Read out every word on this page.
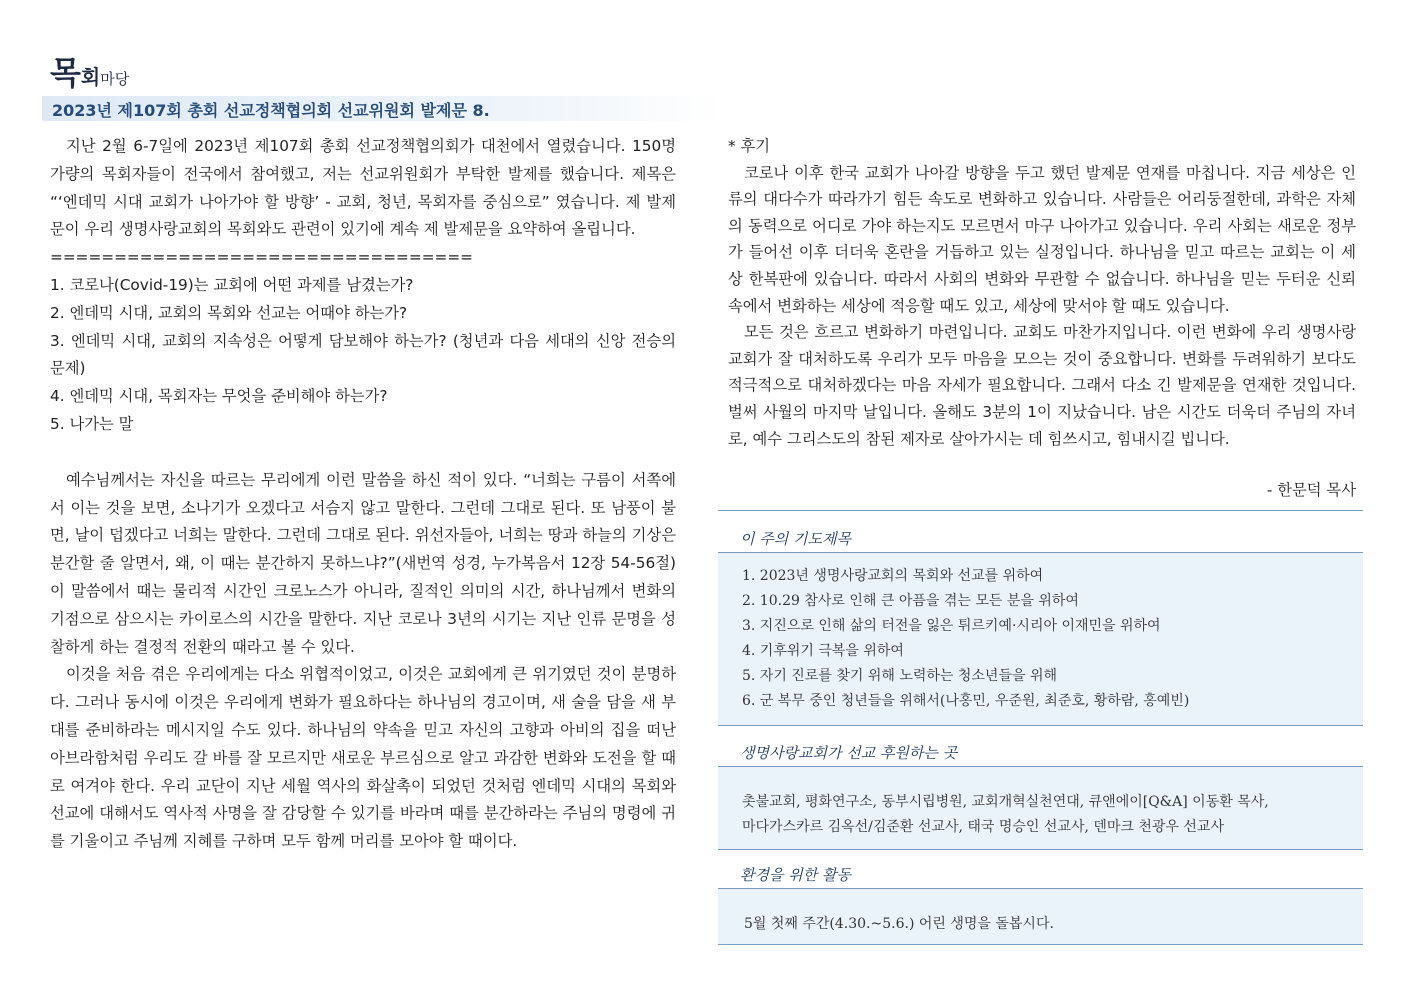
목회마당
2023년 제107회 총회 선교정책협의회 선교위원회 발제문 8.

지난 2월 6-7일에 2023년 제107회 총회 선교정책협의회가 대천에서 열렸습니다. 150명 가량의 목회자들이 전국에서 참여했고, 저는 선교위원회가 부탁한 발제를 했습니다. 제목은 “‘엔데믹 시대 교회가 나아가야 할 방향’ - 교회, 청년, 목회자를 중심으로” 였습니다. 제 발제문이 우리 생명사랑교회의 목회와도 관련이 있기에 계속 제 발제문을 요약하여 올립니다.

=================================

1. 코로나(Covid-19)는 교회에 어떤 과제를 남겼는가?

2. 엔데믹 시대, 교회의 목회와 선교는 어때야 하는가?

3. 엔데믹 시대, 교회의 지속성은 어떻게 담보해야 하는가? (청년과 다음 세대의 신앙 전승의 문제)

4. 엔데믹 시대, 목회자는 무엇을 준비해야 하는가?

5. 나가는 말

예수님께서는 자신을 따르는 무리에게 이런 말씀을 하신 적이 있다. “너희는 구름이 서쪽에서 이는 것을 보면, 소나기가 오겠다고 서슴지 않고 말한다. 그런데 그대로 된다. 또 남풍이 불면, 날이 덥겠다고 너희는 말한다. 그런데 그대로 된다. 위선자들아, 너희는 땅과 하늘의 기상은 분간할 줄 알면서, 왜, 이 때는 분간하지 못하느냐?”(새번역 성경, 누가복음서 12장 54-56절) 이 말씀에서 때는 물리적 시간인 크로노스가 아니라, 질적인 의미의 시간, 하나님께서 변화의 기점으로 삼으시는 카이로스의 시간을 말한다. 지난 코로나 3년의 시기는 지난 인류 문명을 성찰하게 하는 결정적 전환의 때라고 볼 수 있다.

이것을 처음 겪은 우리에게는 다소 위협적이었고, 이것은 교회에게 큰 위기였던 것이 분명하다. 그러나 동시에 이것은 우리에게 변화가 필요하다는 하나님의 경고이며, 새 술을 담을 새 부대를 준비하라는 메시지일 수도 있다. 하나님의 약속을 믿고 자신의 고향과 아비의 집을 떠난 아브라함처럼 우리도 갈 바를 잘 모르지만 새로운 부르심으로 알고 과감한 변화와 도전을 할 때로 여겨야 한다. 우리 교단이 지난 세월 역사의 화살촉이 되었던 것처럼 엔데믹 시대의 목회와 선교에 대해서도 역사적 사명을 잘 감당할 수 있기를 바라며 때를 분간하라는 주님의 명령에 귀를 기울이고 주님께 지혜를 구하며 모두 함께 머리를 모아야 할 때이다.

* 후기

코로나 이후 한국 교회가 나아갈 방향을 두고 했던 발제문 연재를 마칩니다. 지금 세상은 인류의 대다수가 따라가기 힘든 속도로 변화하고 있습니다. 사람들은 어리둥절한데, 과학은 자체의 동력으로 어디로 가야 하는지도 모르면서 마구 나아가고 있습니다. 우리 사회는 새로운 정부가 들어선 이후 더더욱 혼란을 거듭하고 있는 실정입니다. 하나님을 믿고 따르는 교회는 이 세상 한복판에 있습니다. 따라서 사회의 변화와 무관할 수 없습니다. 하나님을 믿는 두터운 신뢰 속에서 변화하는 세상에 적응할 때도 있고, 세상에 맞서야 할 때도 있습니다.

모든 것은 흐르고 변화하기 마련입니다. 교회도 마찬가지입니다. 이런 변화에 우리 생명사랑교회가 잘 대처하도록 우리가 모두 마음을 모으는 것이 중요합니다. 변화를 두려워하기 보다도 적극적으로 대처하겠다는 마음 자세가 필요합니다. 그래서 다소 긴 발제문을 연재한 것입니다. 벌써 사월의 마지막 날입니다. 올해도 3분의 1이 지났습니다. 남은 시간도 더욱더 주님의 자녀로, 예수 그리스도의 참된 제자로 살아가시는 데 힘쓰시고, 힘내시길 빕니다.

- 한문덕 목사
이 주의 기도제목
1. 2023년 생명사랑교회의 목회와 선교를 위하여
2. 10.29 참사로 인해 큰 아픔을 겪는 모든 분을 위하여
3. 지진으로 인해 삶의 터전을 잃은 튀르키예·시리아 이재민을 위하여
4. 기후위기 극복을 위하여
5. 자기 진로를 찾기 위해 노력하는 청소년들을 위해
6. 군 복무 중인 청년들을 위해서(나홍민, 우준원, 최준호, 황하람, 홍예빈)
생명사랑교회가 선교 후원하는 곳
촛불교회, 평화연구소, 동부시립병원, 교회개혁실천연대, 큐앤에이[Q&A] 이동환 목사,
마다가스카르 김옥선/김준환 선교사, 태국 명승인 선교사, 덴마크 천광우 선교사
환경을 위한 활동
5월 첫째 주간(4.30.~5.6.) 어린 생명을 돌봅시다.
